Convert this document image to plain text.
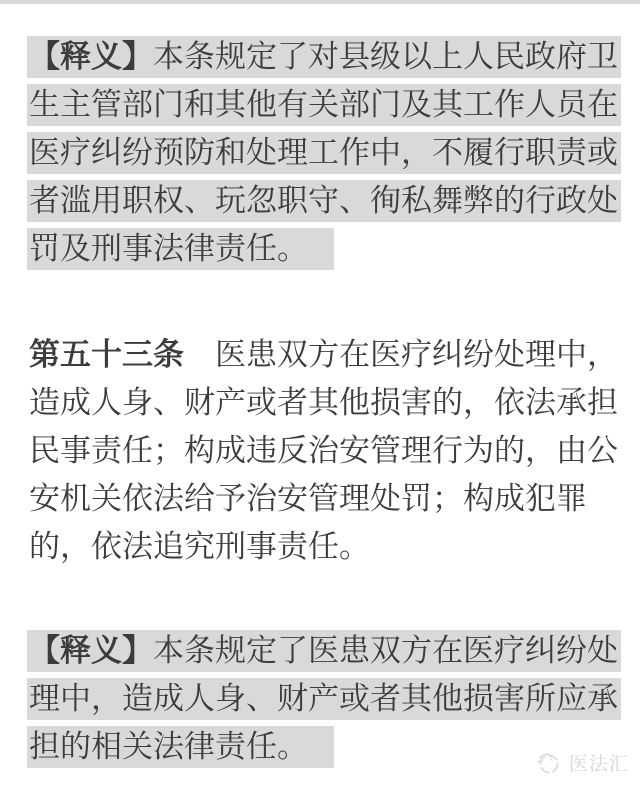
【释义】本条规定了对县级以上人民政府卫
生主管部门和其他有关部门及其工作人员在
医疗纠纷预防和处理工作中，不履行职责或
者滥用职权、玩忽职守、徇私舞弊的行政处
罚及刑事法律责任。

第五十三条　医患双方在医疗纠纷处理中，
造成人身、财产或者其他损害的，依法承担
民事责任；构成违反治安管理行为的，由公
安机关依法给予治安管理处罚；构成犯罪
的，依法追究刑事责任。

【释义】本条规定了医患双方在医疗纠纷处
理中，造成人身、财产或者其他损害所应承
担的相关法律责任。

医法汇
